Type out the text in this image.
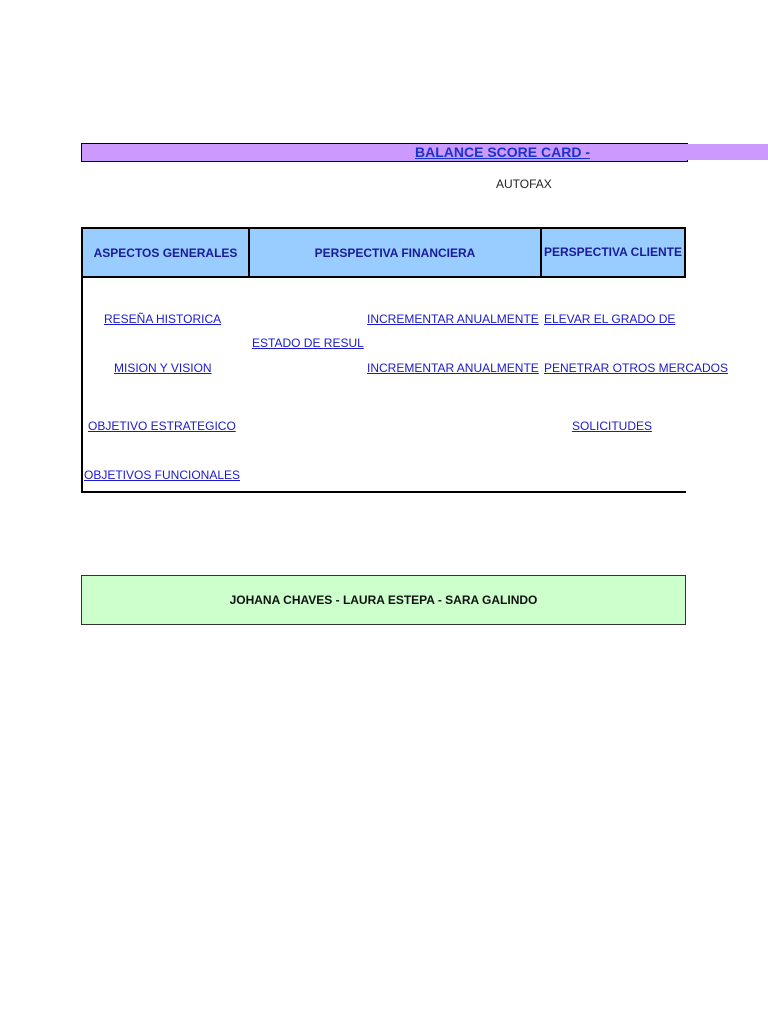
BALANCE SCORE CARD -
AUTOFAX
ASPECTOS GENERALES	PERSPECTIVA FINANCIERA	PERSPECTIVA CLIENTE
RESEÑA HISTORICA
MISION Y VISION
OBJETIVO ESTRATEGICO
OBJETIVOS FUNCIONALES
ESTADO DE RESUL
INCREMENTAR ANUALMENTE
INCREMENTAR ANUALMENTE
ELEVAR EL GRADO DE
PENETRAR OTROS MERCADOS
SOLICITUDES
JOHANA CHAVES - LAURA ESTEPA - SARA GALINDO
